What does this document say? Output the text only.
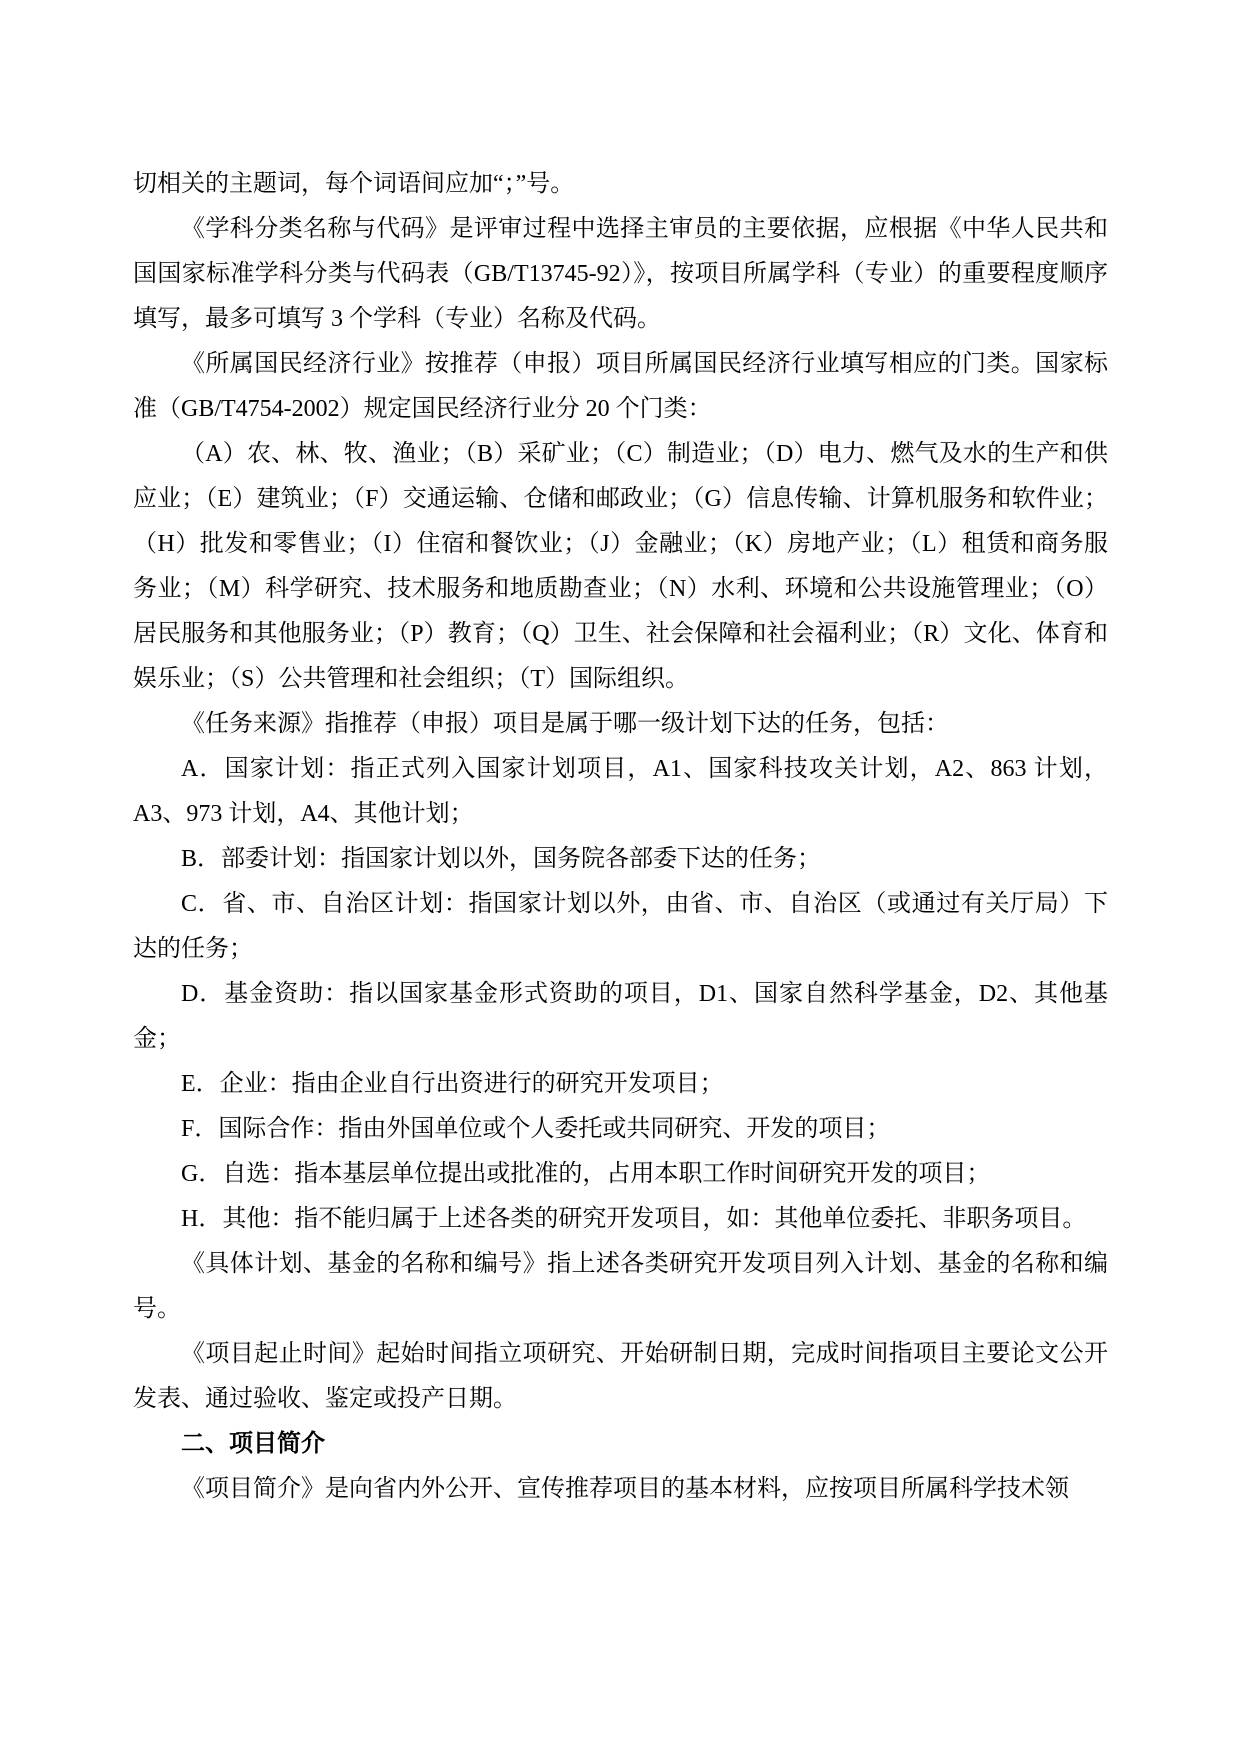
切相关的主题词，每个词语间应加“；”号。

《学科分类名称与代码》是评审过程中选择主审员的主要依据，应根据《中华人民共和国国家标准学科分类与代码表（GB/T13745-92）》，按项目所属学科（专业）的重要程度顺序填写，最多可填写 3 个学科（专业）名称及代码。

《所属国民经济行业》按推荐（申报）项目所属国民经济行业填写相应的门类。国家标准（GB/T4754-2002）规定国民经济行业分 20 个门类：

（A）农、林、牧、渔业；（B）采矿业；（C）制造业；（D）电力、燃气及水的生产和供应业；（E）建筑业；（F）交通运输、仓储和邮政业；（G）信息传输、计算机服务和软件业；（H）批发和零售业；（I）住宿和餐饮业；（J）金融业；（K）房地产业；（L）租赁和商务服务业；（M）科学研究、技术服务和地质勘查业；（N）水利、环境和公共设施管理业；（O）居民服务和其他服务业；（P）教育；（Q）卫生、社会保障和社会福利业；（R）文化、体育和娱乐业；（S）公共管理和社会组织；（T）国际组织。

《任务来源》指推荐（申报）项目是属于哪一级计划下达的任务，包括：

A．国家计划：指正式列入国家计划项目，A1、国家科技攻关计划，A2、863 计划，A3、973 计划，A4、其他计划；

B．部委计划：指国家计划以外，国务院各部委下达的任务；

C．省、市、自治区计划：指国家计划以外，由省、市、自治区（或通过有关厅局）下达的任务；

D．基金资助：指以国家基金形式资助的项目，D1、国家自然科学基金，D2、其他基金；

E．企业：指由企业自行出资进行的研究开发项目；

F．国际合作：指由外国单位或个人委托或共同研究、开发的项目；

G．自选：指本基层单位提出或批准的，占用本职工作时间研究开发的项目；

H．其他：指不能归属于上述各类的研究开发项目，如：其他单位委托、非职务项目。

《具体计划、基金的名称和编号》指上述各类研究开发项目列入计划、基金的名称和编号。

《项目起止时间》起始时间指立项研究、开始研制日期，完成时间指项目主要论文公开发表、通过验收、鉴定或投产日期。

二、项目简介

《项目简介》是向省内外公开、宣传推荐项目的基本材料，应按项目所属科学技术领
